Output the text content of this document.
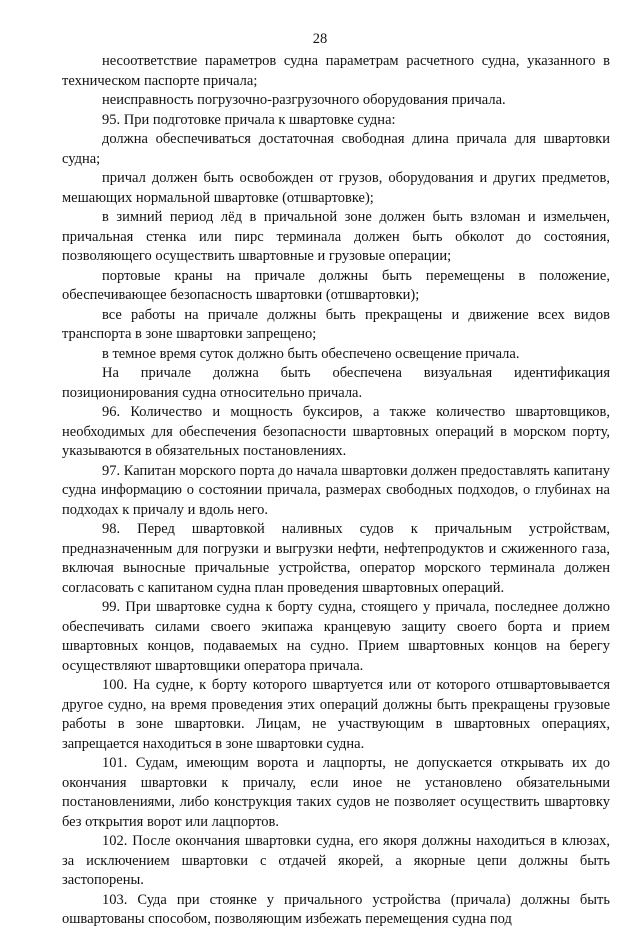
28

несоответствие параметров судна параметрам расчетного судна, указанного в техническом паспорте причала;

неисправность погрузочно-разгрузочного оборудования причала.

95. При подготовке причала к швартовке судна:

должна обеспечиваться достаточная свободная длина причала для швартовки судна;

причал должен быть освобожден от грузов, оборудования и других предметов, мешающих нормальной швартовке (отшвартовке);

в зимний период лёд в причальной зоне должен быть взломан и измельчен, причальная стенка или пирс терминала должен быть обколот до состояния, позволяющего осуществить швартовные и грузовые операции;

портовые краны на причале должны быть перемещены в положение, обеспечивающее безопасность швартовки (отшвартовки);

все работы на причале должны быть прекращены и движение всех видов транспорта в зоне швартовки запрещено;

в темное время суток должно быть обеспечено освещение причала.

На причале должна быть обеспечена визуальная идентификация позиционирования судна относительно причала.

96. Количество и мощность буксиров, а также количество швартовщиков, необходимых для обеспечения безопасности швартовных операций в морском порту, указываются в обязательных постановлениях.

97. Капитан морского порта до начала швартовки должен предоставлять капитану судна информацию о состоянии причала, размерах свободных подходов, о глубинах на подходах к причалу и вдоль него.

98. Перед швартовкой наливных судов к причальным устройствам, предназначенным для погрузки и выгрузки нефти, нефтепродуктов и сжиженного газа, включая выносные причальные устройства, оператор морского терминала должен согласовать с капитаном судна план проведения швартовных операций.

99. При швартовке судна к борту судна, стоящего у причала, последнее должно обеспечивать силами своего экипажа кранцевую защиту своего борта и прием швартовных концов, подаваемых на судно. Прием швартовных концов на берегу осуществляют швартовщики оператора причала.

100. На судне, к борту которого швартуется или от которого отшвартовывается другое судно, на время проведения этих операций должны быть прекращены грузовые работы в зоне швартовки. Лицам, не участвующим в швартовных операциях, запрещается находиться в зоне швартовки судна.

101. Судам, имеющим ворота и лацпорты, не допускается открывать их до окончания швартовки к причалу, если иное не установлено обязательными постановлениями, либо конструкция таких судов не позволяет осуществить швартовку без открытия ворот или лацпортов.

102. После окончания швартовки судна, его якоря должны находиться в клюзах, за исключением швартовки с отдачей якорей, а якорные цепи должны быть застопорены.

103. Суда при стоянке у причального устройства (причала) должны быть ошвартованы способом, позволяющим избежать перемещения судна под
